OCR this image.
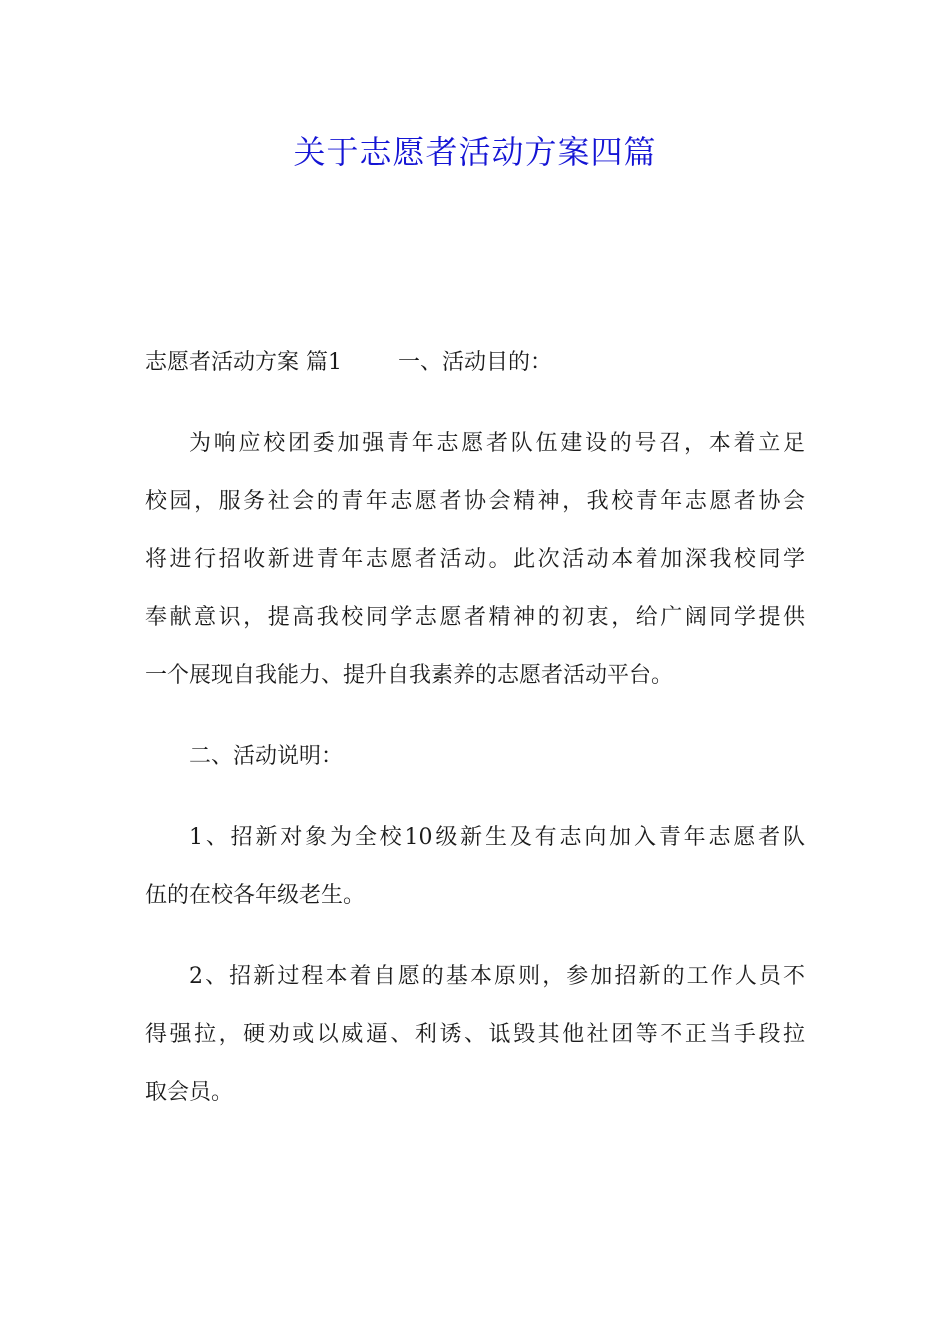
关于志愿者活动方案四篇

志愿者活动方案 篇1	一、活动目的：

为响应校团委加强青年志愿者队伍建设的号召，本着立足
校园，服务社会的青年志愿者协会精神，我校青年志愿者协会
将进行招收新进青年志愿者活动。此次活动本着加深我校同学
奉献意识，提高我校同学志愿者精神的初衷，给广阔同学提供
一个展现自我能力、提升自我素养的志愿者活动平台。

二、活动说明：

1、招新对象为全校10级新生及有志向加入青年志愿者队
伍的在校各年级老生。

2、招新过程本着自愿的基本原则，参加招新的工作人员不
得强拉，硬劝或以威逼、利诱、诋毁其他社团等不正当手段拉
取会员。
